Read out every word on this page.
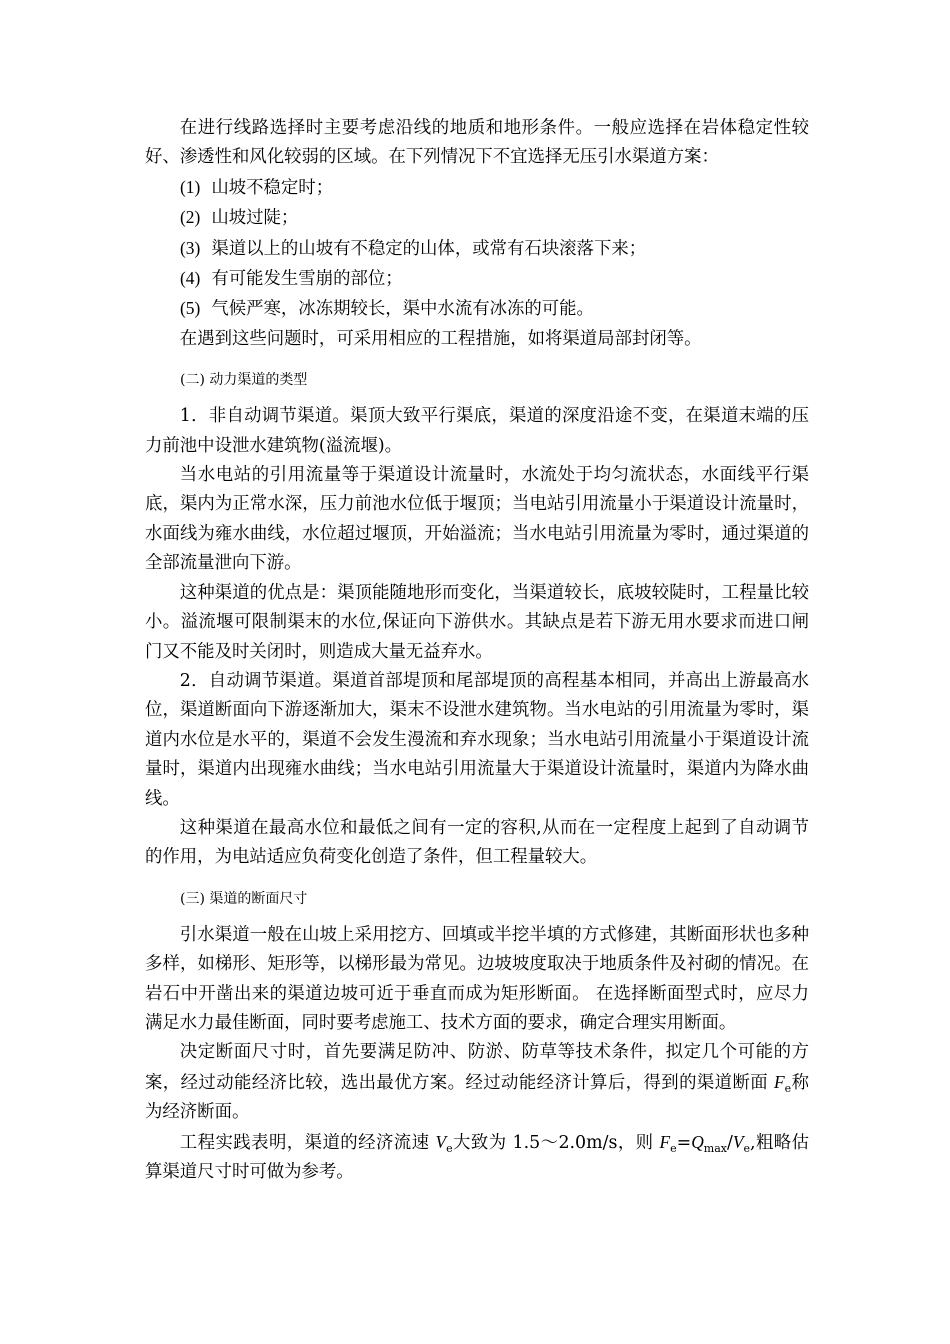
在进行线路选择时主要考虑沿线的地质和地形条件。一般应选择在岩体稳定性较好、渗透性和风化较弱的区域。在下列情况下不宜选择无压引水渠道方案：

(1) 山坡不稳定时；

(2) 山坡过陡；

(3) 渠道以上的山坡有不稳定的山体，或常有石块滚落下来；

(4) 有可能发生雪崩的部位；

(5) 气候严寒，冰冻期较长，渠中水流有冰冻的可能。

在遇到这些问题时，可采用相应的工程措施，如将渠道局部封闭等。

(二) 动力渠道的类型

1．非自动调节渠道。渠顶大致平行渠底，渠道的深度沿途不变，在渠道末端的压力前池中设泄水建筑物(溢流堰)。

当水电站的引用流量等于渠道设计流量时，水流处于均匀流状态，水面线平行渠底，渠内为正常水深，压力前池水位低于堰顶；当电站引用流量小于渠道设计流量时，水面线为雍水曲线，水位超过堰顶，开始溢流；当水电站引用流量为零时，通过渠道的全部流量泄向下游。

这种渠道的优点是：渠顶能随地形而变化，当渠道较长，底坡较陡时，工程量比较小。溢流堰可限制渠末的水位,保证向下游供水。其缺点是若下游无用水要求而进口闸门又不能及时关闭时，则造成大量无益弃水。

2．自动调节渠道。渠道首部堤顶和尾部堤顶的高程基本相同，并高出上游最高水位，渠道断面向下游逐渐加大，渠末不设泄水建筑物。当水电站的引用流量为零时，渠道内水位是水平的，渠道不会发生漫流和弃水现象；当水电站引用流量小于渠道设计流量时，渠道内出现雍水曲线；当水电站引用流量大于渠道设计流量时，渠道内为降水曲线。

这种渠道在最高水位和最低之间有一定的容积,从而在一定程度上起到了自动调节的作用，为电站适应负荷变化创造了条件，但工程量较大。

(三) 渠道的断面尺寸

引水渠道一般在山坡上采用挖方、回填或半挖半填的方式修建，其断面形状也多种多样，如梯形、矩形等，以梯形最为常见。边坡坡度取决于地质条件及衬砌的情况。在岩石中开凿出来的渠道边坡可近于垂直而成为矩形断面。 在选择断面型式时，应尽力满足水力最佳断面，同时要考虑施工、技术方面的要求，确定合理实用断面。

决定断面尺寸时，首先要满足防冲、防淤、防草等技术条件，拟定几个可能的方案，经过动能经济比较，选出最优方案。经过动能经济计算后，得到的渠道断面 $F_e$称为经济断面。

工程实践表明，渠道的经济流速 $V_e$大致为 1.5～2.0m/s，则 $F_e=Q_{max}/V_e$,粗略估算渠道尺寸时可做为参考。
